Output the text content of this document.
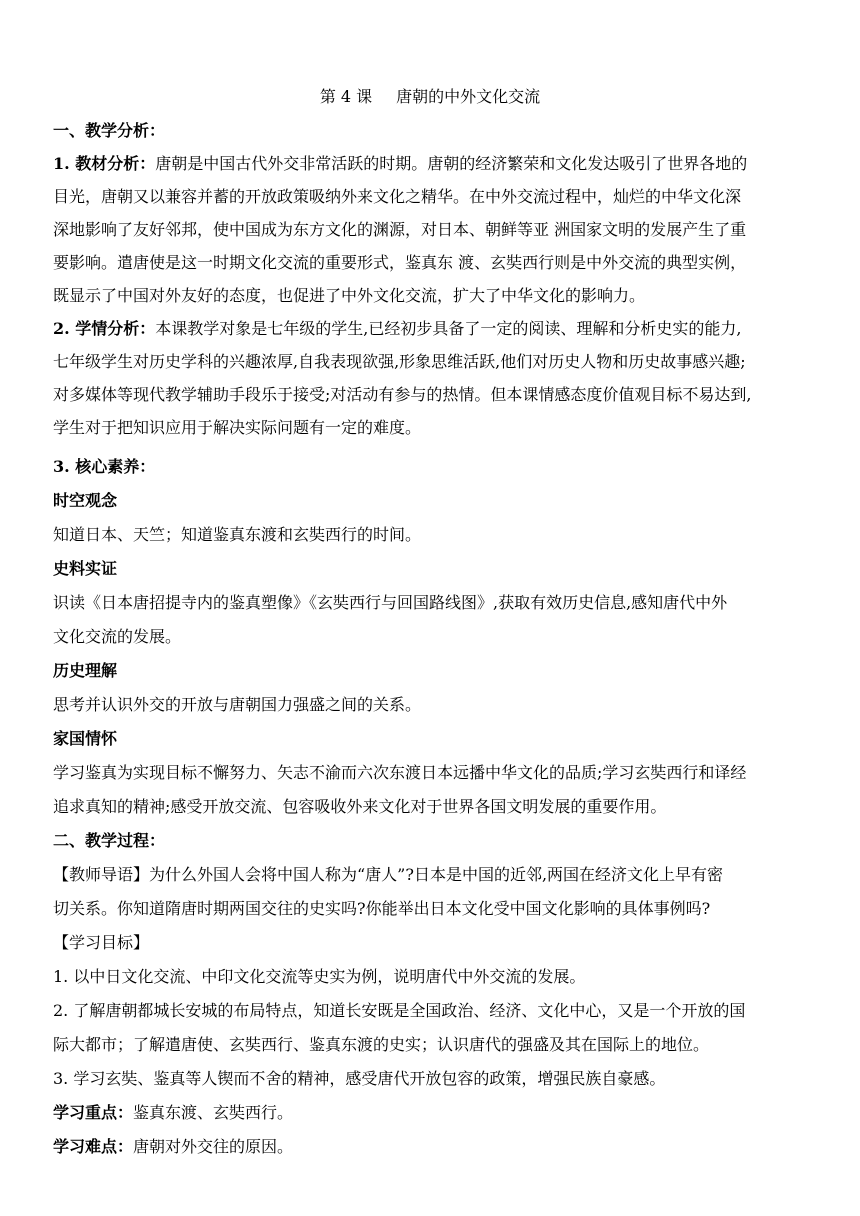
第 4 课 唐朝的中外文化交流
一、教学分析：
1. 教材分析：唐朝是中国古代外交非常活跃的时期。唐朝的经济繁荣和文化发达吸引了世界各地的
目光，唐朝又以兼容并蓄的开放政策吸纳外来文化之精华。在中外交流过程中，灿烂的中华文化深
深地影响了友好邻邦，使中国成为东方文化的渊源，对日本、朝鲜等亚 洲国家文明的发展产生了重
要影响。遣唐使是这一时期文化交流的重要形式，鉴真东 渡、玄奘西行则是中外交流的典型实例，
既显示了中国对外友好的态度，也促进了中外文化交流，扩大了中华文化的影响力。
2. 学情分析：本课教学对象是七年级的学生,已经初步具备了一定的阅读、理解和分析史实的能力,
七年级学生对历史学科的兴趣浓厚,自我表现欲强,形象思维活跃,他们对历史人物和历史故事感兴趣;
对多媒体等现代教学辅助手段乐于接受;对活动有参与的热情。但本课情感态度价值观目标不易达到,
学生对于把知识应用于解决实际问题有一定的难度。
3. 核心素养：
时空观念
知道日本、天竺；知道鉴真东渡和玄奘西行的时间。
史料实证
识读《日本唐招提寺内的鉴真塑像》《玄奘西行与回国路线图》,获取有效历史信息,感知唐代中外
文化交流的发展。
历史理解
思考并认识外交的开放与唐朝国力强盛之间的关系。
家国情怀
学习鉴真为实现目标不懈努力、矢志不渝而六次东渡日本远播中华文化的品质;学习玄奘西行和译经
追求真知的精神;感受开放交流、包容吸收外来文化对于世界各国文明发展的重要作用。
二、教学过程：
【教师导语】为什么外国人会将中国人称为“唐人”?日本是中国的近邻,两国在经济文化上早有密
切关系。你知道隋唐时期两国交往的史实吗?你能举出日本文化受中国文化影响的具体事例吗?
【学习目标】
1. 以中日文化交流、中印文化交流等史实为例，说明唐代中外交流的发展。
2. 了解唐朝都城长安城的布局特点，知道长安既是全国政治、经济、文化中心，又是一个开放的国
际大都市；了解遣唐使、玄奘西行、鉴真东渡的史实；认识唐代的强盛及其在国际上的地位。
3. 学习玄奘、鉴真等人锲而不舍的精神，感受唐代开放包容的政策，增强民族自豪感。
学习重点：鉴真东渡、玄奘西行。
学习难点：唐朝对外交往的原因。
